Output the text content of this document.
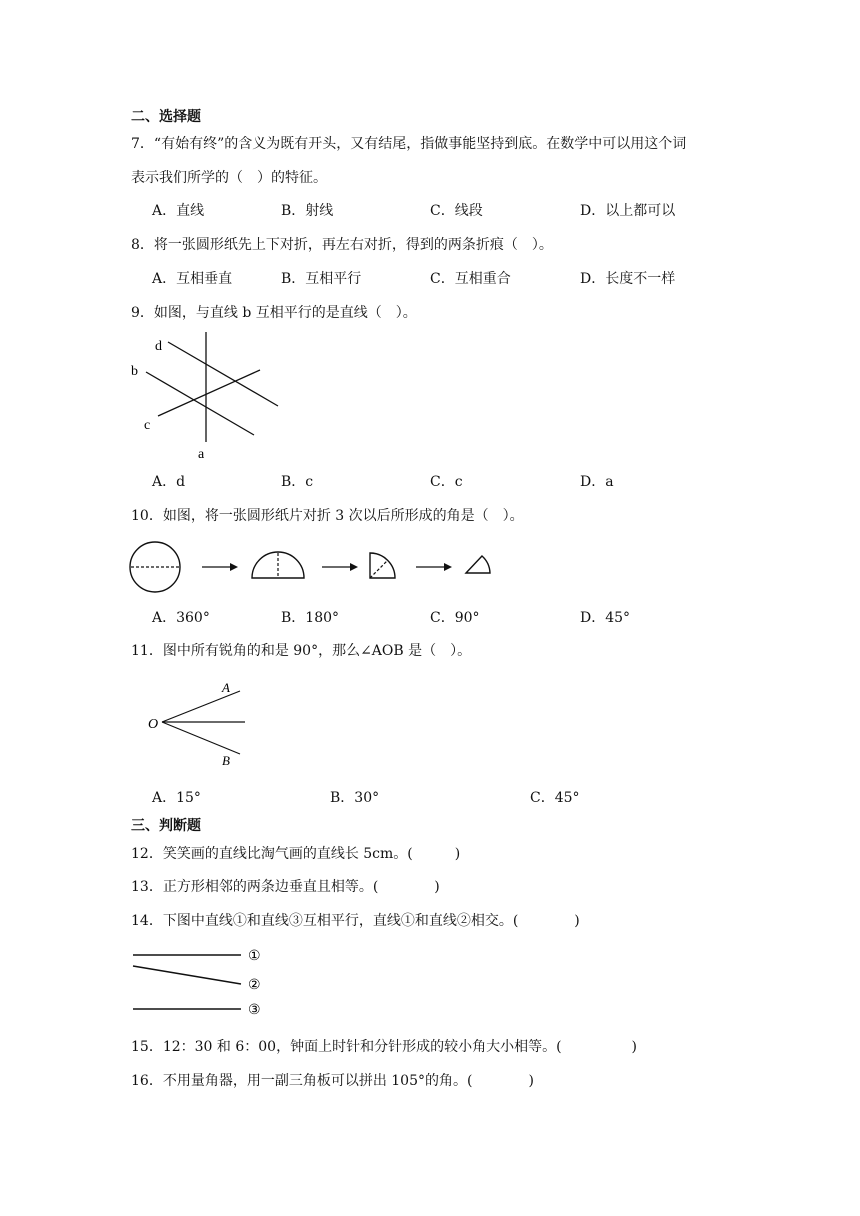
二、选择题
7．“有始有终”的含义为既有开头，又有结尾，指做事能坚持到底。在数学中可以用这个词
表示我们所学的（　）的特征。
A．直线	B．射线	C．线段	D．以上都可以
8．将一张圆形纸先上下对折，再左右对折，得到的两条折痕（　）。
A．互相垂直	B．互相平行	C．互相重合	D．长度不一样
9．如图，与直线 b 互相平行的是直线（　）。
d
b
c
a
A．d	B．c	C．c	D．a
10．如图，将一张圆形纸片对折 3 次以后所形成的角是（　）。
A．360°	B．180°	C．90°	D．45°
11．图中所有锐角的和是 90°，那么∠AOB 是（　）。
O
A
B
A．15°	B．30°	C．45°
三、判断题
12．笑笑画的直线比淘气画的直线长 5cm。(　　　)
13．正方形相邻的两条边垂直且相等。(　　　　)
14．下图中直线①和直线③互相平行，直线①和直线②相交。(　　　　)
①
②
③
15．12：30 和 6：00，钟面上时针和分针形成的较小角大小相等。(　　　　　)
16．不用量角器，用一副三角板可以拼出 105°的角。(　　　　)
